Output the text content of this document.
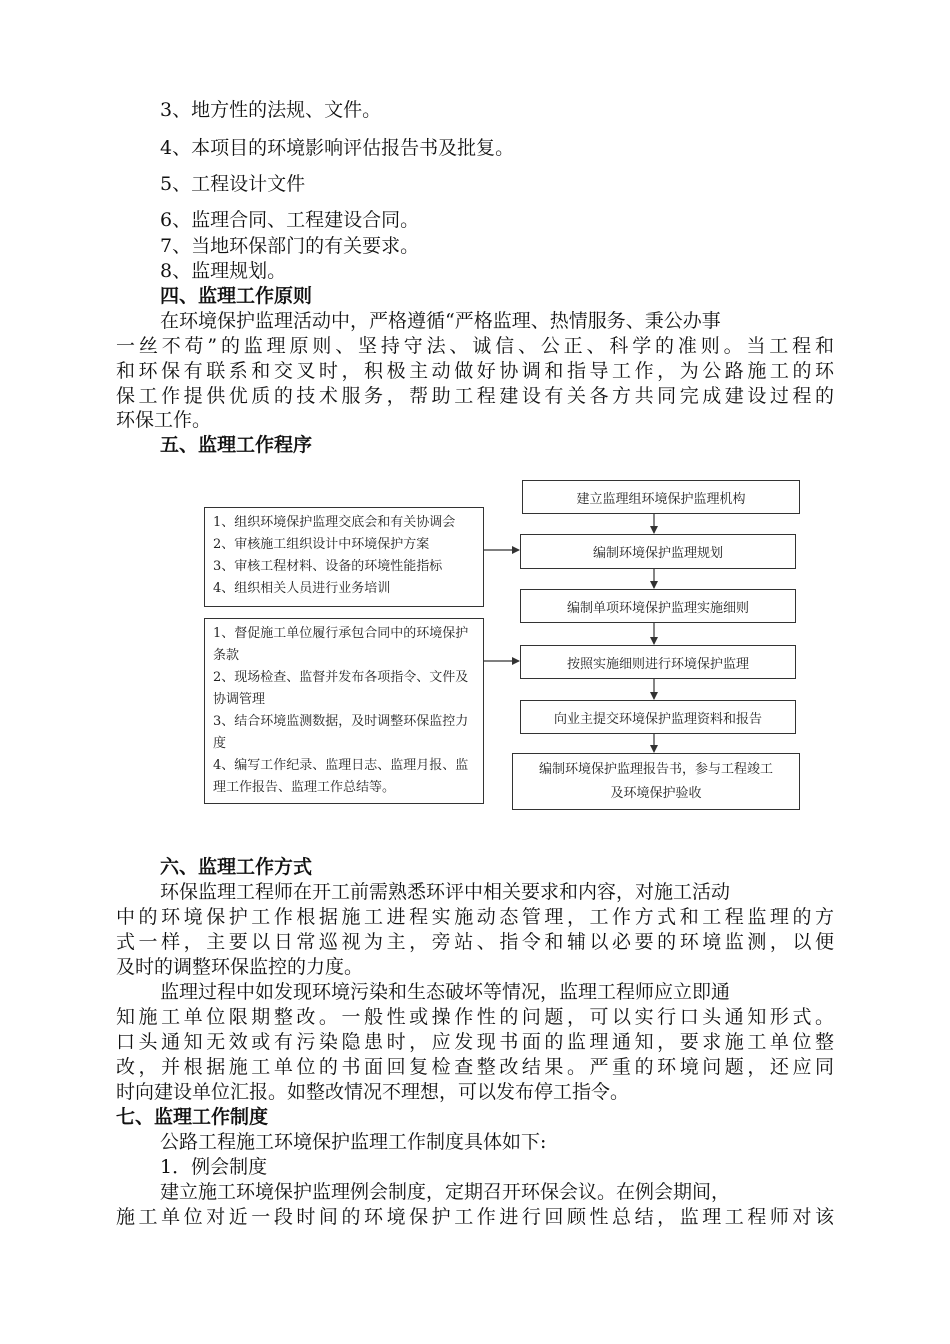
3、地方性的法规、文件。
4、本项目的环境影响评估报告书及批复。
5、工程设计文件
6、监理合同、工程建设合同。
7、当地环保部门的有关要求。
8、监理规划。
四、监理工作原则
在环境保护监理活动中，严格遵循“严格监理、热情服务、秉公办事
一丝不苟”的监理原则、坚持守法、诚信、公正、科学的准则。当工程和
和环保有联系和交叉时，积极主动做好协调和指导工作，为公路施工的环
保工作提供优质的技术服务，帮助工程建设有关各方共同完成建设过程的
环保工作。
五、监理工作程序
建立监理组环境保护监理机构
编制环境保护监理规划
编制单项环境保护监理实施细则
按照实施细则进行环境保护监理
向业主提交环境保护监理资料和报告
编制环境保护监理报告书，参与工程竣工及环境保护验收
1、组织环境保护监理交底会和有关协调会
2、审核施工组织设计中环境保护方案
3、审核工程材料、设备的环境性能指标
4、组织相关人员进行业务培训
1、督促施工单位履行承包合同中的环境保护条款
2、现场检查、监督并发布各项指令、文件及协调管理
3、结合环境监测数据，及时调整环保监控力度
4、编写工作纪录、监理日志、监理月报、监理工作报告、监理工作总结等。
六、监理工作方式
环保监理工程师在开工前需熟悉环评中相关要求和内容，对施工活动
中的环境保护工作根据施工进程实施动态管理，工作方式和工程监理的方
式一样，主要以日常巡视为主，旁站、指令和辅以必要的环境监测，以便
及时的调整环保监控的力度。
监理过程中如发现环境污染和生态破坏等情况，监理工程师应立即通
知施工单位限期整改。一般性或操作性的问题，可以实行口头通知形式。
口头通知无效或有污染隐患时，应发现书面的监理通知，要求施工单位整
改，并根据施工单位的书面回复检查整改结果。严重的环境问题，还应同
时向建设单位汇报。如整改情况不理想，可以发布停工指令。
七、监理工作制度
公路工程施工环境保护监理工作制度具体如下:
1．例会制度
建立施工环境保护监理例会制度，定期召开环保会议。在例会期间，
施工单位对近一段时间的环境保护工作进行回顾性总结，监理工程师对该
